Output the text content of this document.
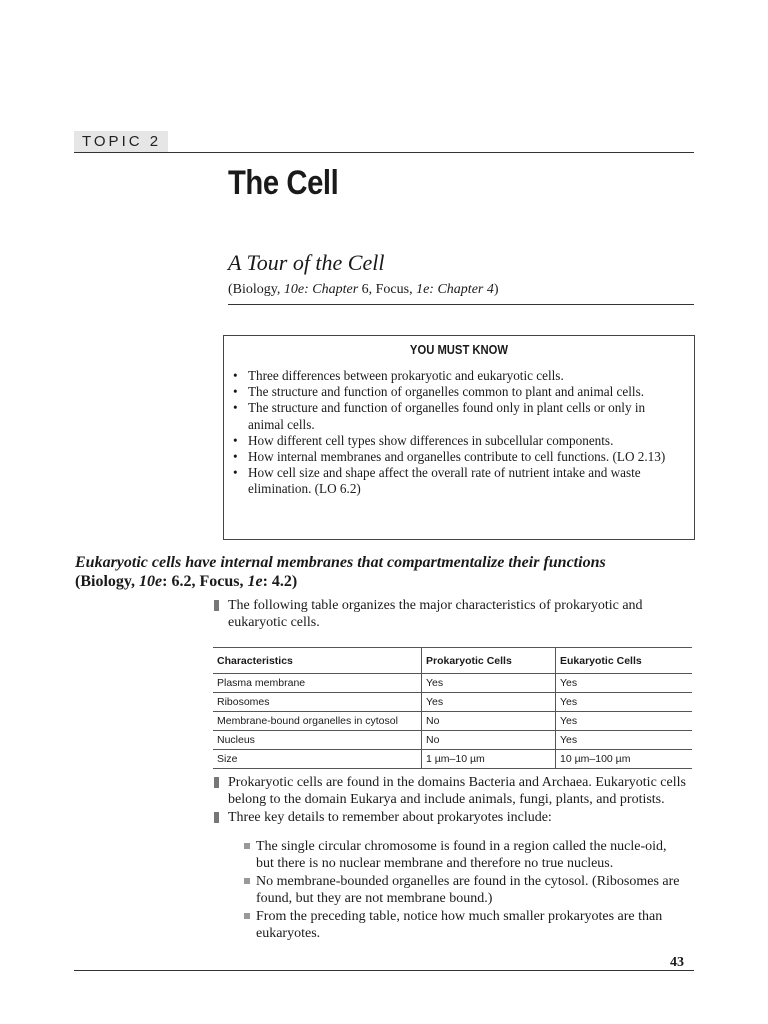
TOPIC 2
The Cell
A Tour of the Cell
(Biology, 10e: Chapter 6, Focus, 1e: Chapter 4)
YOU MUST KNOW
• Three differences between prokaryotic and eukaryotic cells.
• The structure and function of organelles common to plant and animal cells.
• The structure and function of organelles found only in plant cells or only in animal cells.
• How different cell types show differences in subcellular components.
• How internal membranes and organelles contribute to cell functions. (LO 2.13)
• How cell size and shape affect the overall rate of nutrient intake and waste elimination. (LO 6.2)
Eukaryotic cells have internal membranes that compartmentalize their functions
(Biology, 10e: 6.2, Focus, 1e: 4.2)
The following table organizes the major characteristics of prokaryotic and eukaryotic cells.
Characteristics	Prokaryotic Cells	Eukaryotic Cells
Plasma membrane	Yes	Yes
Ribosomes	Yes	Yes
Membrane-bound organelles in cytosol	No	Yes
Nucleus	No	Yes
Size	1 µm–10 µm	10 µm–100 µm
Prokaryotic cells are found in the domains Bacteria and Archaea. Eukaryotic cells belong to the domain Eukarya and include animals, fungi, plants, and protists.
Three key details to remember about prokaryotes include:
The single circular chromosome is found in a region called the nucle-oid, but there is no nuclear membrane and therefore no true nucleus.
No membrane-bounded organelles are found in the cytosol. (Ribosomes are found, but they are not membrane bound.)
From the preceding table, notice how much smaller prokaryotes are than eukaryotes.
43
